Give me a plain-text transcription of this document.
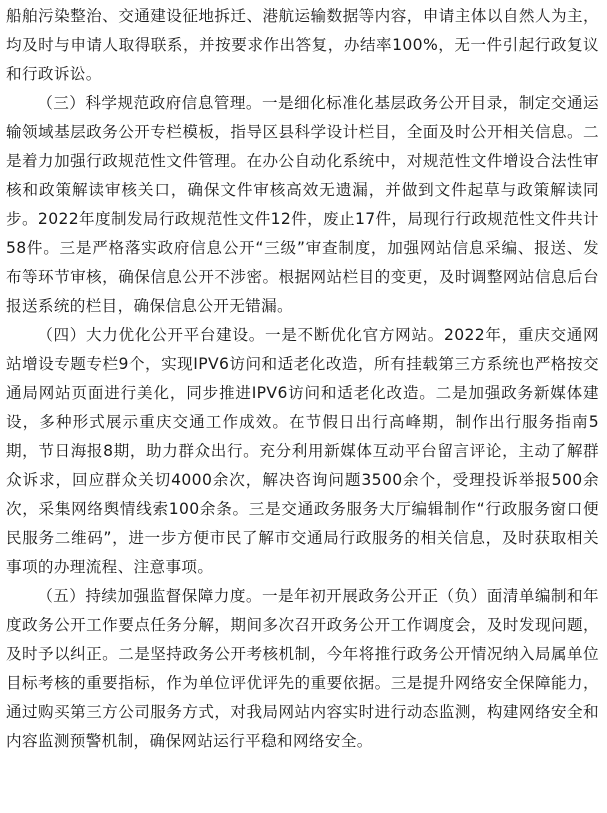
船舶污染整治、交通建设征地拆迁、港航运输数据等内容，申请主体以自然人为主，均及时与申请人取得联系，并按要求作出答复，办结率100%，无一件引起行政复议和行政诉讼。

（三）科学规范政府信息管理。一是细化标准化基层政务公开目录，制定交通运输领域基层政务公开专栏模板，指导区县科学设计栏目，全面及时公开相关信息。二是着力加强行政规范性文件管理。在办公自动化系统中，对规范性文件增设合法性审核和政策解读审核关口，确保文件审核高效无遗漏，并做到文件起草与政策解读同步。2022年度制发局行政规范性文件12件，废止17件，局现行行政规范性文件共计58件。三是严格落实政府信息公开“三级”审查制度，加强网站信息采编、报送、发布等环节审核，确保信息公开不涉密。根据网站栏目的变更，及时调整网站信息后台报送系统的栏目，确保信息公开无错漏。

（四）大力优化公开平台建设。一是不断优化官方网站。2022年，重庆交通网站增设专题专栏9个，实现IPV6访问和适老化改造，所有挂载第三方系统也严格按交通局网站页面进行美化，同步推进IPV6访问和适老化改造。二是加强政务新媒体建设，多种形式展示重庆交通工作成效。在节假日出行高峰期，制作出行服务指南5期，节日海报8期，助力群众出行。充分利用新媒体互动平台留言评论，主动了解群众诉求，回应群众关切4000余次，解决咨询问题3500余个，受理投诉举报500余次，采集网络舆情线索100余条。三是交通政务服务大厅编辑制作“行政服务窗口便民服务二维码”，进一步方便市民了解市交通局行政服务的相关信息，及时获取相关事项的办理流程、注意事项。

（五）持续加强监督保障力度。一是年初开展政务公开正（负）面清单编制和年度政务公开工作要点任务分解，期间多次召开政务公开工作调度会，及时发现问题，及时予以纠正。二是坚持政务公开考核机制，今年将推行政务公开情况纳入局属单位目标考核的重要指标，作为单位评优评先的重要依据。三是提升网络安全保障能力，通过购买第三方公司服务方式，对我局网站内容实时进行动态监测，构建网络安全和内容监测预警机制，确保网站运行平稳和网络安全。
